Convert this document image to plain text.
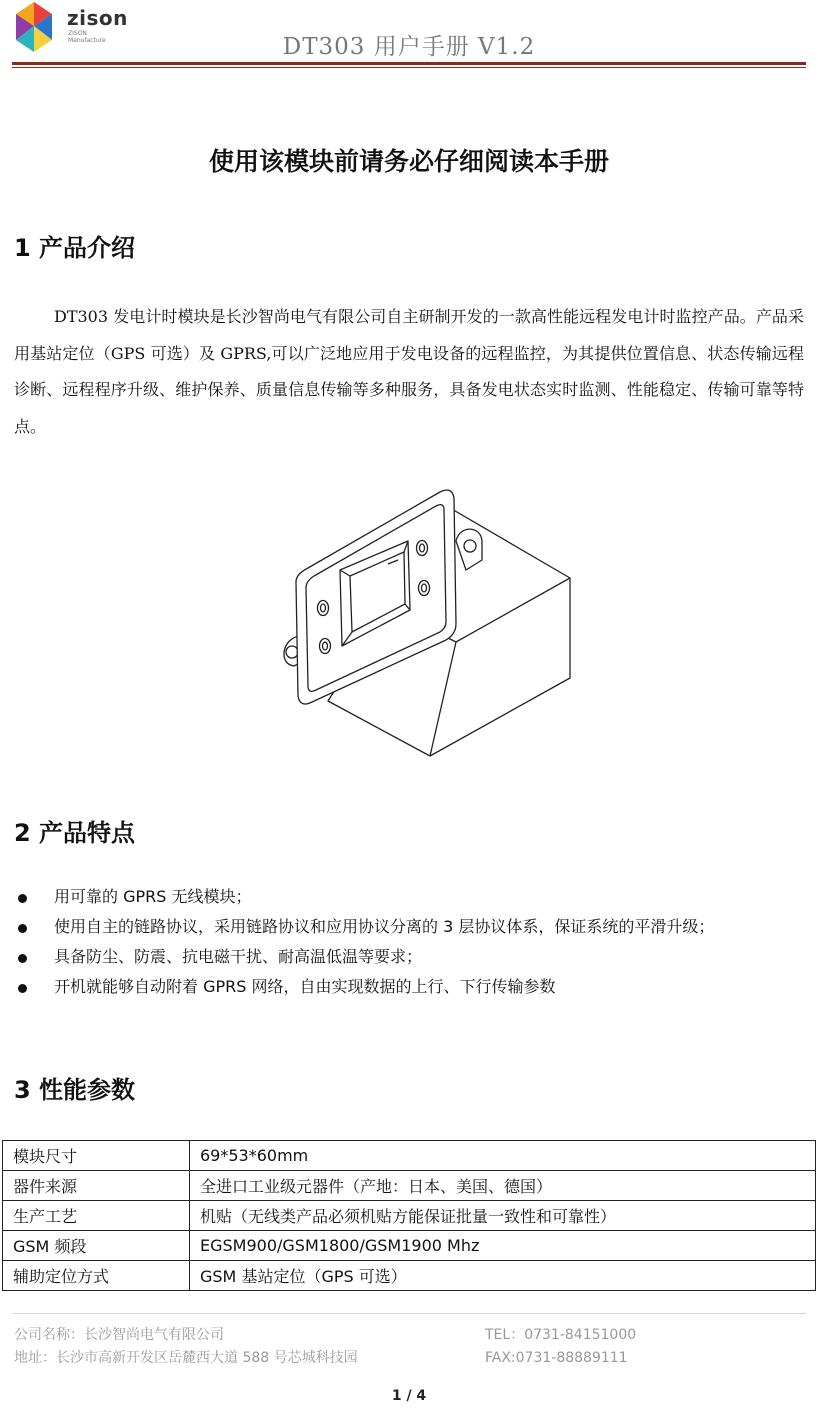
zison
ZISON Manufacture	DT303 用户手册 V1.2
使用该模块前请务必仔细阅读本手册
1 产品介绍
DT303 发电计时模块是长沙智尚电气有限公司自主研制开发的一款高性能远程发电计时监控产品。产品采用基站定位（GPS 可选）及 GPRS,可以广泛地应用于发电设备的远程监控，为其提供位置信息、状态传输远程诊断、远程程序升级、维护保养、质量信息传输等多种服务，具备发电状态实时监测、性能稳定、传输可靠等特点。
2 产品特点
用可靠的 GPRS 无线模块；
使用自主的链路协议，采用链路协议和应用协议分离的 3 层协议体系，保证系统的平滑升级；
具备防尘、防震、抗电磁干扰、耐高温低温等要求；
开机就能够自动附着 GPRS 网络，自由实现数据的上行、下行传输参数
3 性能参数
模块尺寸	69*53*60mm
器件来源	全进口工业级元器件（产地：日本、美国、德国）
生产工艺	机贴（无线类产品必须机贴方能保证批量一致性和可靠性）
GSM 频段	EGSM900/GSM1800/GSM1900 Mhz
辅助定位方式	GSM 基站定位（GPS 可选）
公司名称：长沙智尚电气有限公司
地址：长沙市高新开发区岳麓西大道 588 号芯城科技园
TEL：0731-84151000
FAX:0731-88889111
1 / 4
